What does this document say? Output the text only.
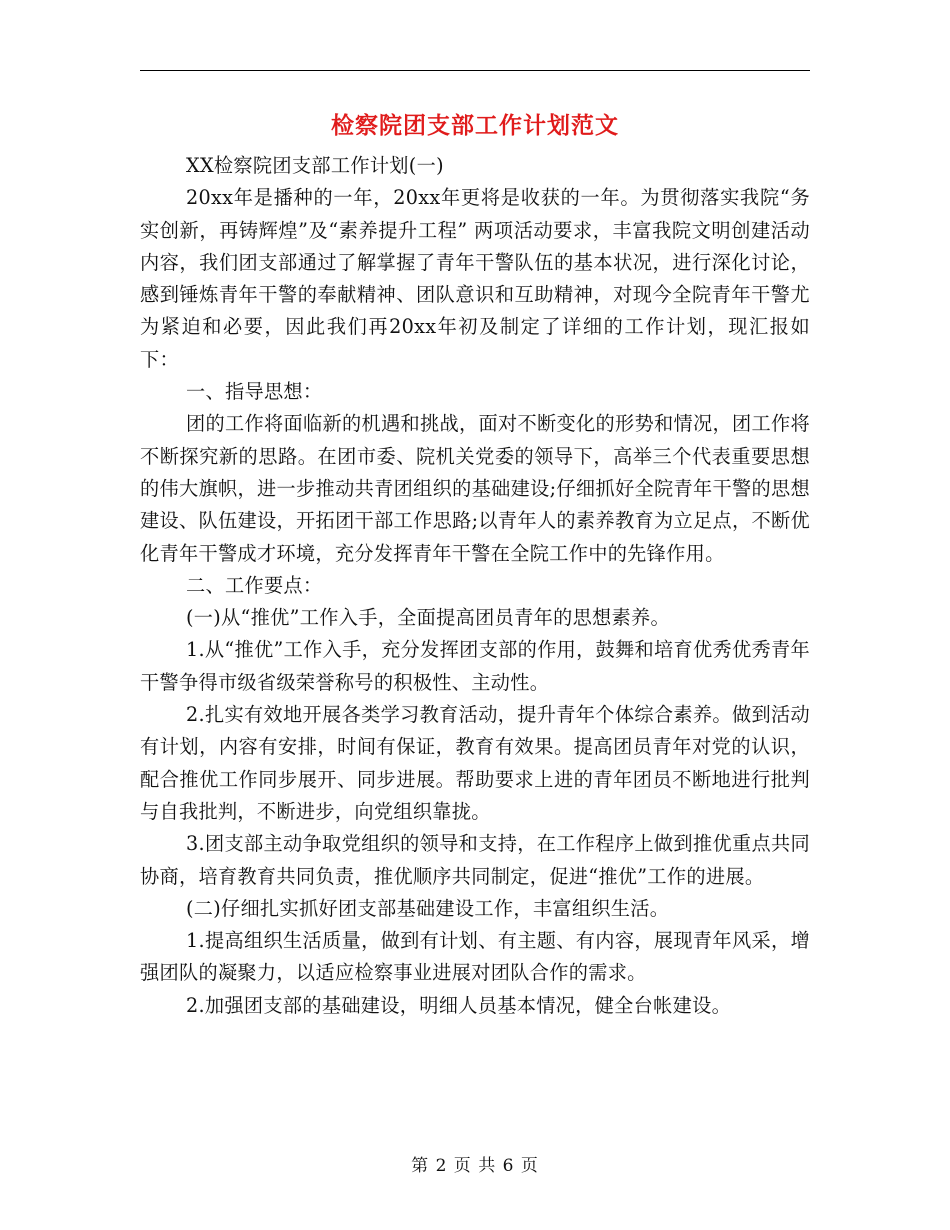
检察院团支部工作计划范文

XX检察院团支部工作计划(一)

20xx年是播种的一年，20xx年更将是收获的一年。为贯彻落实我院“务实创新，再铸辉煌”及“素养提升工程” 两项活动要求，丰富我院文明创建活动内容，我们团支部通过了解掌握了青年干警队伍的基本状况，进行深化讨论，感到锤炼青年干警的奉献精神、团队意识和互助精神，对现今全院青年干警尤为紧迫和必要，因此我们再20xx年初及制定了详细的工作计划，现汇报如下：

一、指导思想：

团的工作将面临新的机遇和挑战，面对不断变化的形势和情况，团工作将不断探究新的思路。在团市委、院机关党委的领导下，高举三个代表重要思想的伟大旗帜，进一步推动共青团组织的基础建设;仔细抓好全院青年干警的思想建设、队伍建设，开拓团干部工作思路;以青年人的素养教育为立足点，不断优化青年干警成才环境，充分发挥青年干警在全院工作中的先锋作用。

二、工作要点：

(一)从“推优”工作入手，全面提高团员青年的思想素养。

1.从“推优”工作入手，充分发挥团支部的作用，鼓舞和培育优秀优秀青年干警争得市级省级荣誉称号的积极性、主动性。

2.扎实有效地开展各类学习教育活动，提升青年个体综合素养。做到活动有计划，内容有安排，时间有保证，教育有效果。提高团员青年对党的认识，配合推优工作同步展开、同步进展。帮助要求上进的青年团员不断地进行批判与自我批判，不断进步，向党组织靠拢。

3.团支部主动争取党组织的领导和支持，在工作程序上做到推优重点共同协商，培育教育共同负责，推优顺序共同制定，促进“推优”工作的进展。

(二)仔细扎实抓好团支部基础建设工作，丰富组织生活。

1.提高组织生活质量，做到有计划、有主题、有内容，展现青年风采，增强团队的凝聚力，以适应检察事业进展对团队合作的需求。

2.加强团支部的基础建设，明细人员基本情况，健全台帐建设。

第 2 页 共 6 页
